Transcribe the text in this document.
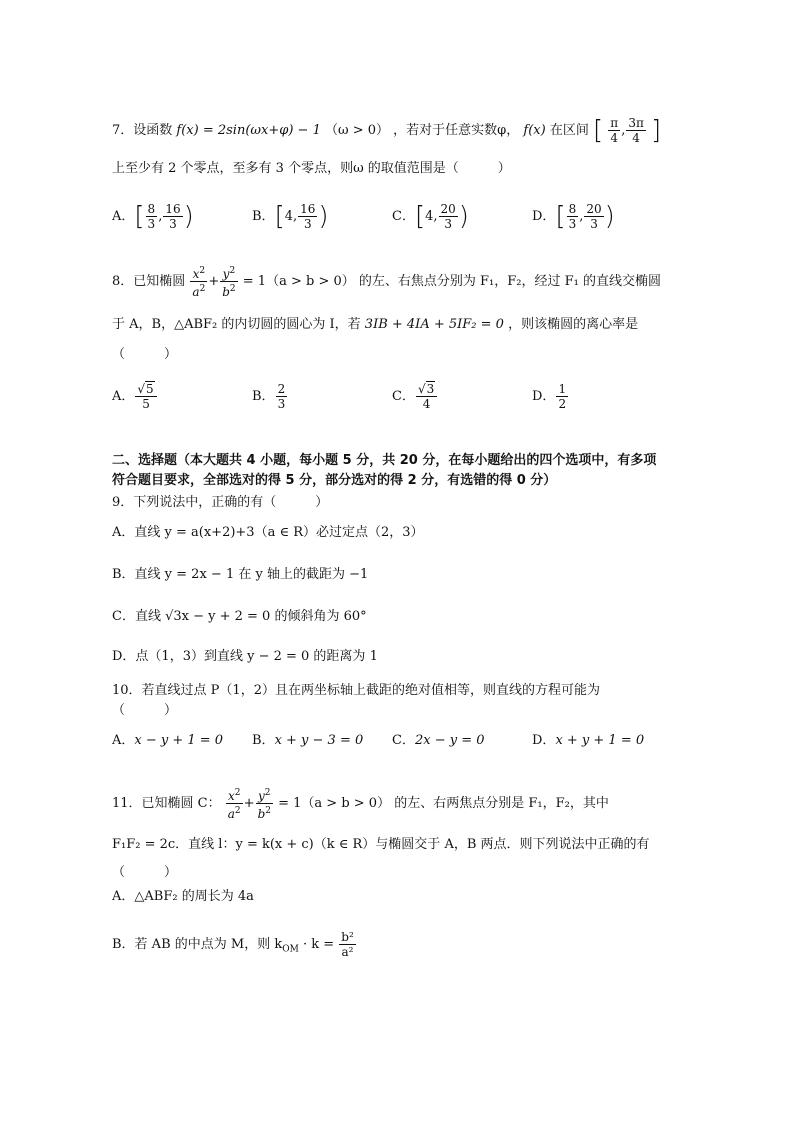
7．设函数 f(x) = 2sin(ωx+φ) − 1 （ω > 0） ，若对于任意实数φ， f(x) 在区间 [ $\frac{\pi}{4}$ , $\frac{3\pi}{4}$ ]
上至少有 2 个零点，至多有 3 个零点，则ω 的取值范围是（　　　）
A．[ $\frac{8}{3}$ , $\frac{16}{3}$ )	B．[4, $\frac{16}{3}$ )	C．[4, $\frac{20}{3}$ )	D．[ $\frac{8}{3}$ , $\frac{20}{3}$ )
8．已知椭圆 $\frac{x^2}{a^2} + \frac{y^2}{b^2} = 1(a > b > 0)$ 的左、右焦点分别为 F₁，F₂，经过 F₁ 的直线交椭圆
于 A，B，△ABF₂ 的内切圆的圆心为 I，若 3IB + 4IA + 5IF₂ = 0 ，则该椭圆的离心率是
（　　　）
A． $\frac{√5}{5}$	B． $\frac{2}{3}$	C． $\frac{√3}{4}$	D． $\frac{1}{2}$
二、选择题（本大题共 4 小题，每小题 5 分，共 20 分，在每小题给出的四个选项中，有多项
符合题目要求，全部选对的得 5 分，部分选对的得 2 分，有选错的得 0 分）
9．下列说法中，正确的有（　　　）
A．直线 y = a(x+2)+3（a ∈ R）必过定点（2，3）
B．直线 y = 2x − 1 在 y 轴上的截距为 −1
C．直线 √3x − y + 2 = 0 的倾斜角为 60°
D．点（1，3）到直线 y − 2 = 0 的距离为 1
10．若直线过点 P（1，2）且在两坐标轴上截距的绝对值相等，则直线的方程可能为
（　　　）
A．x − y + 1 = 0 B．x + y − 3 = 0 C．2x − y = 0	D．x + y + 1 = 0
11．已知椭圆 C： $\frac{x^2}{a^2} + \frac{y^2}{b^2} = 1(a > b > 0)$ 的左、右两焦点分别是 F₁，F₂，其中
F₁F₂ = 2c．直线 l：y = k(x + c)（k ∈ R）与椭圆交于 A，B 两点．则下列说法中正确的有
（　　　）
A．△ABF₂ 的周长为 4a
B．若 AB 的中点为 M，则 $k_{OM} \cdot k = \frac{\text{b²}}{\text{a²}}$
